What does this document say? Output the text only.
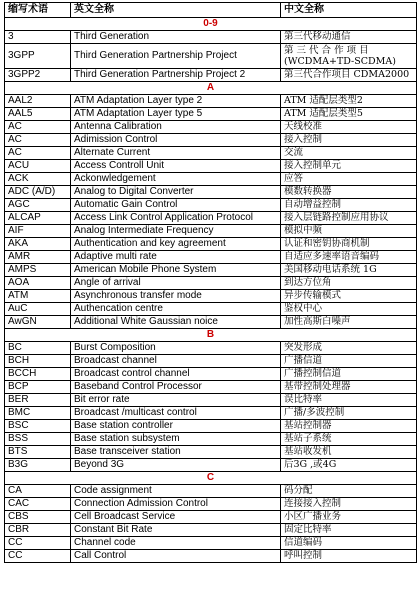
缩写术语	英文全称	中文全称
0-9		
3	Third Generation	第三代移动通信
3GPP	Third Generation Partnership Project	第 三 代 合 作 项 目 (WCDMA+TD-SCDMA)
3GPP2	Third Generation Partnership Project 2	第三代合作项目 CDMA2000
A		
AAL2	ATM Adaptation Layer type 2	ATM 适配层类型2
AAL5	ATM Adaptation Layer type 5	ATM 适配层类型5
AC	Antenna Calibration	天线校准
AC	Adimission Control	接入控制
AC	Alternate Current	交流
ACU	Access Controll Unit	接入控制单元
ACK	Ackonwledgement	应答
ADC (A/D)	Analog to Digital Converter	模数转换器
AGC	Automatic Gain Control	自动增益控制
ALCAP	Access Link Control Application Protocol	接入层链路控制应用协议
AIF	Analog Intermediate Frequency	模拟中频
AKA	Authentication and key agreement	认证和密钥协商机制
AMR	Adaptive multi rate	自适应多速率语音编码
AMPS	American Mobile Phone System	美国移动电话系统 1G
AOA	Angle of arrival	到达方位角
ATM	Asynchronous transfer mode	异步传输模式
AuC	Authencation centre	鉴权中心
AwGN	Additional White Gaussian noice	加性高斯白噪声
B		
BC	Burst Composition	突发形成
BCH	Broadcast channel	广播信道
BCCH	Broadcast control channel	广播控制信道
BCP	Baseband Control Processor	基带控制处理器
BER	Bit error rate	误比特率
BMC	Broadcast /multicast control	广播/多波控制
BSC	Base station controller	基站控制器
BSS	Base station subsystem	基站子系统
BTS	Base transceiver station	基站收发机
B3G	Beyond 3G	后3G ,或4G
C		
CA	Code assignment	码分配
CAC	Connection Admission Control	连接接入控制
CBS	Cell Broadcast Service	小区广播业务
CBR	Constant Bit Rate	固定比特率
CC	Channel code	信道编码
CC	Call Control	呼叫控制
